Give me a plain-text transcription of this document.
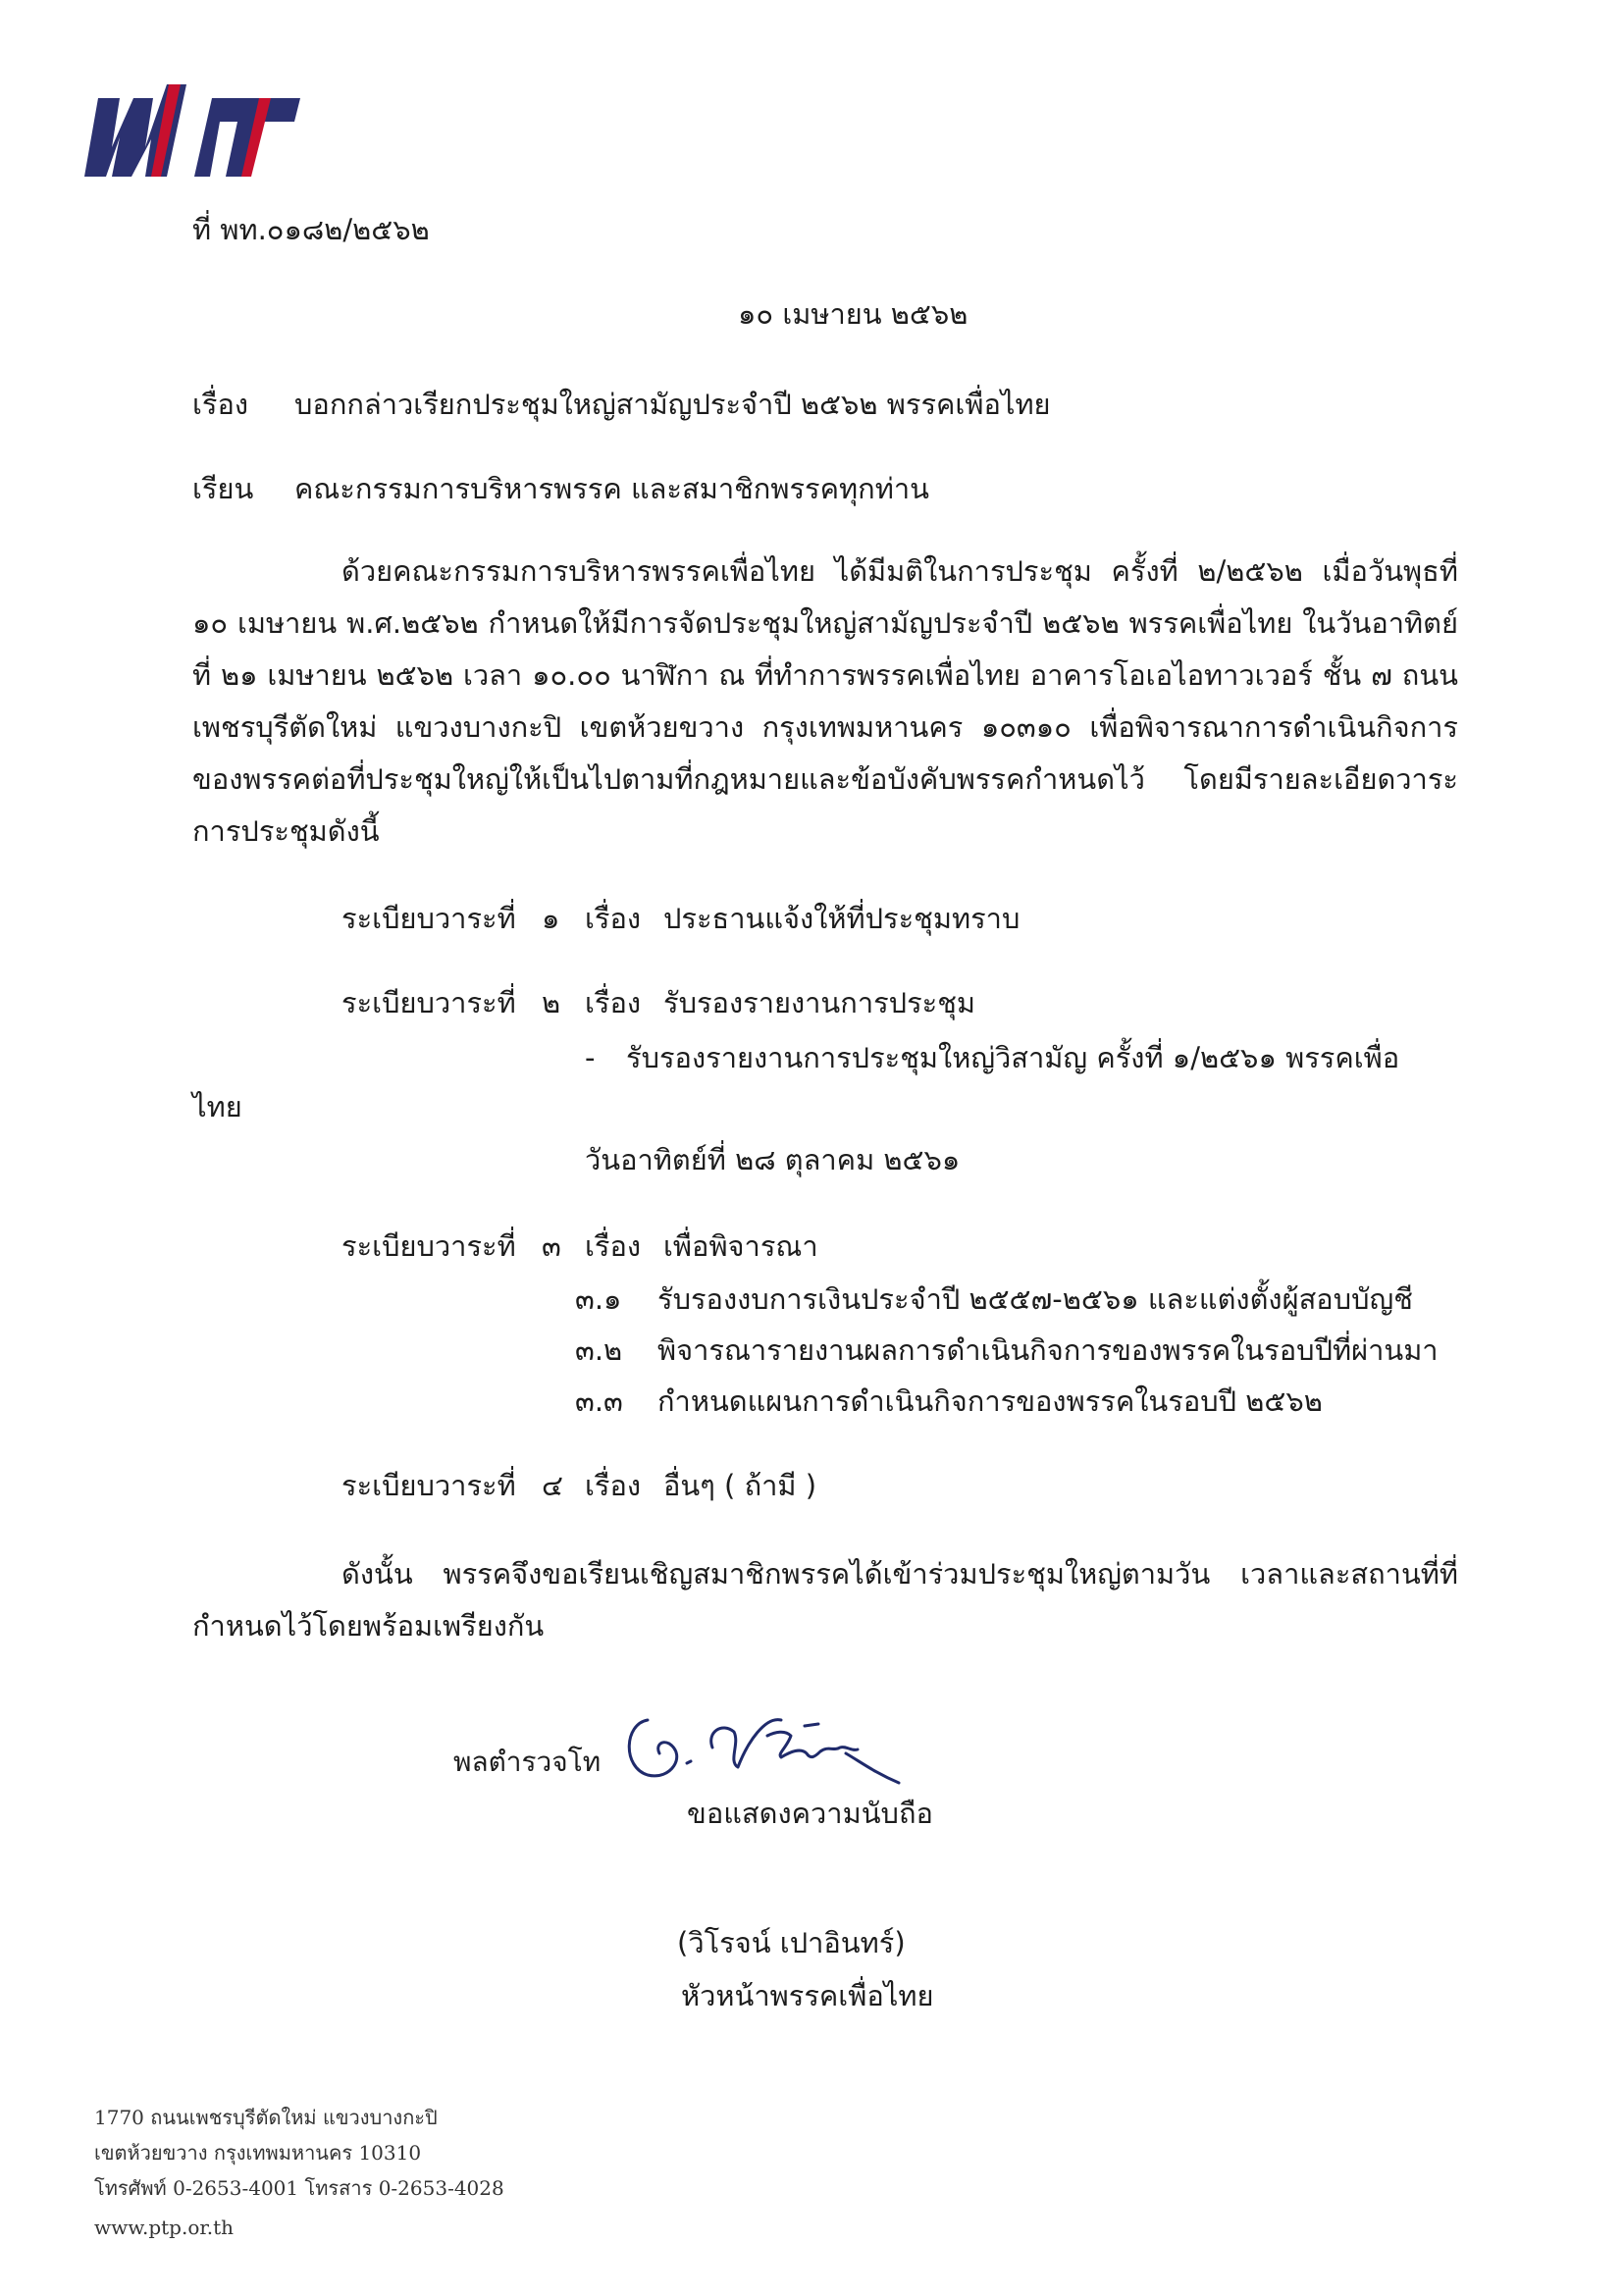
ที่ พท.๐๑๘๒/๒๕๖๒
๑๐ เมษายน ๒๕๖๒
เรื่อง บอกกล่าวเรียกประชุมใหญ่สามัญประจำปี ๒๕๖๒ พรรคเพื่อไทย
เรียน คณะกรรมการบริหารพรรค และสมาชิกพรรคทุกท่าน
ด้วยคณะกรรมการบริหารพรรคเพื่อไทย ได้มีมติในการประชุม ครั้งที่ ๒/๒๕๖๒ เมื่อวันพุธที่ ๑๐ เมษายน พ.ศ.๒๕๖๒ กำหนดให้มีการจัดประชุมใหญ่สามัญประจำปี ๒๕๖๒ พรรคเพื่อไทย ในวันอาทิตย์ที่ ๒๑ เมษายน ๒๕๖๒ เวลา ๑๐.๐๐ นาฬิกา ณ ที่ทำการพรรคเพื่อไทย อาคารโอเอไอทาวเวอร์ ชั้น ๗ ถนนเพชรบุรีตัดใหม่ แขวงบางกะปิ เขตห้วยขวาง กรุงเทพมหานคร ๑๐๓๑๐ เพื่อพิจารณาการดำเนินกิจการของพรรคต่อที่ประชุมใหญ่ให้เป็นไปตามที่กฎหมายและข้อบังคับพรรคกำหนดไว้ โดยมีรายละเอียดวาระการประชุมดังนี้
ระเบียบวาระที่ ๑ เรื่อง ประธานแจ้งให้ที่ประชุมทราบ
ระเบียบวาระที่ ๒ เรื่อง รับรองรายงานการประชุม
- รับรองรายงานการประชุมใหญ่วิสามัญ ครั้งที่ ๑/๒๕๖๑ พรรคเพื่อ
ไทย
วันอาทิตย์ที่ ๒๘ ตุลาคม ๒๕๖๑
ระเบียบวาระที่ ๓ เรื่อง เพื่อพิจารณา
๓.๑ รับรองงบการเงินประจำปี ๒๕๕๗-๒๕๖๑ และแต่งตั้งผู้สอบบัญชี
๓.๒ พิจารณารายงานผลการดำเนินกิจการของพรรคในรอบปีที่ผ่านมา
๓.๓ กำหนดแผนการดำเนินกิจการของพรรคในรอบปี ๒๕๖๒
ระเบียบวาระที่ ๔ เรื่อง อื่นๆ ( ถ้ามี )
ดังนั้น พรรคจึงขอเรียนเชิญสมาชิกพรรคได้เข้าร่วมประชุมใหญ่ตามวัน เวลาและสถานที่ที่กำหนดไว้โดยพร้อมเพรียงกัน
ขอแสดงความนับถือ
พลตำรวจโท
(วิโรจน์ เปาอินทร์)
หัวหน้าพรรคเพื่อไทย
1770 ถนนเพชรบุรีตัดใหม่ แขวงบางกะปิ
เขตห้วยขวาง กรุงเทพมหานคร 10310
โทรศัพท์ 0-2653-4001 โทรสาร 0-2653-4028
www.ptp.or.th
